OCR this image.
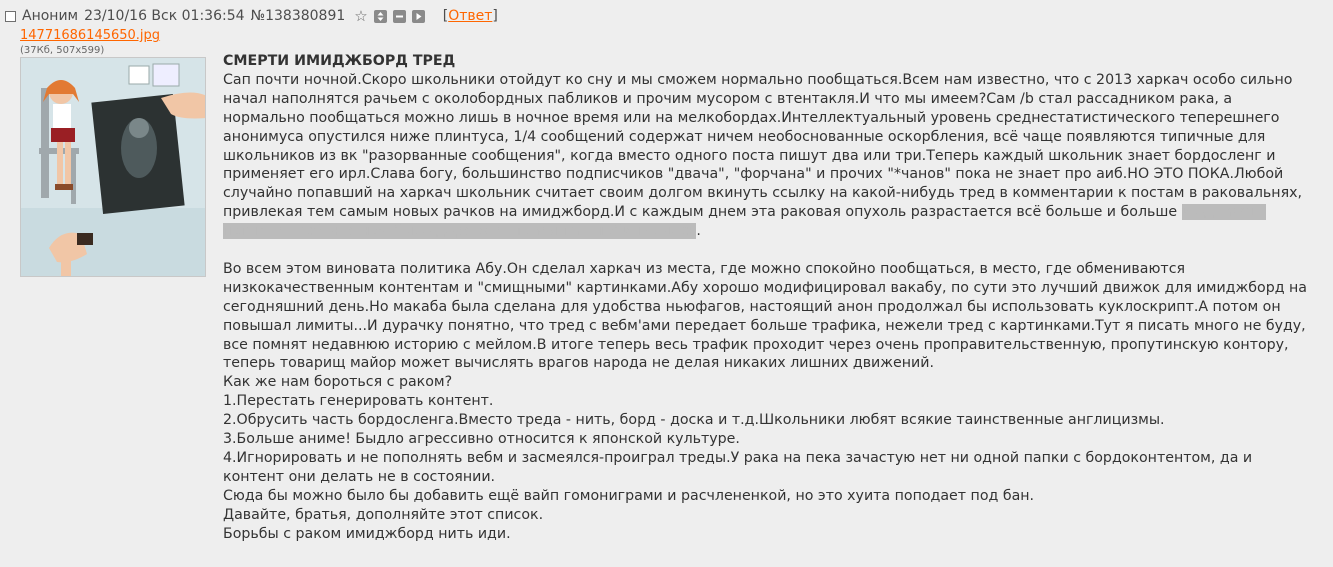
Аноним 23/10/16 Вск 01:36:54 №138380891 ☆	[Ответ]
14771686145650.jpg
(37Кб, 507x599)
СМЕРТИ ИМИДЖБОРД ТРЕД

Сап почти ночной.Скоро школьники отойдут ко сну и мы сможем нормально пообщаться.Всем нам известно, что с 2013 харкач особо сильно начал наполнятся рачьем с околобордных пабликов и прочим мусором с втентакля.И что мы имеем?Сам /b стал рассадником рака, а нормально пообщаться можно лишь в ночное время или на мелкобордах.Интеллектуальный уровень среднестатистического теперешнего анонимуса опустился ниже плинтуса, 1/4 сообщений содержат ничем необоснованные оскорбления, всё чаще появляются типичные для школьников из вк "разорванные сообщения", когда вместо одного поста пишут два или три.Теперь каждый школьник знает бордосленг и применяет его ирл.Слава богу, большинство подписчиков "двача", "форчана" и прочих "*чанов" пока не знает про аиб.НО ЭТО ПОКА.Любой случайно попавший на харкач школьник считает своим долгом вкинуть ссылку на какой-нибудь тред в комментарии к постам в раковальнях, привлекая тем самым новых рачков на имиджборд.И с каждым днем эта раковая опухоль разрастается всё больше и больше и однажды поглотит всё, что нам было дорого и что мы так любили здесь.

Во всем этом виновата политика Абу.Он сделал харкач из места, где можно спокойно пообщаться, в место, где обмениваются низкокачественным контентам и "смищными" картинками.Абу хорошо модифицировал вакабу, по сути это лучший движок для имиджборд на сегодняшний день.Но макаба была сделана для удобства ньюфагов, настоящий анон продолжал бы использовать куклоскрипт.А потом он повышал лимиты...И дурачку понятно, что тред с вебм'ами передает больше трафика, нежели тред с картинками.Тут я писать много не буду, все помнят недавнюю историю с мейлом.В итоге теперь весь трафик проходит через очень проправительственную, пропутинскую контору, теперь товарищ майор может вычислять врагов народа не делая никаких лишних движений.

Как же нам бороться с раком?

1.Перестать генерировать контент.

2.Обрусить часть бордосленга.Вместо треда - нить, борд - доска и т.д.Школьники любят всякие таинственные англицизмы.

3.Больше аниме! Быдло агрессивно относится к японской культуре.

4.Игнорировать и не пополнять вебм и засмеялся-проиграл треды.У рака на пека зачастую нет ни одной папки с бордоконтентом, да и контент они делать не в состоянии.

Сюда бы можно было бы добавить ещё вайп гомониграми и расчлененкой, но это хуита поподает под бан.

Давайте, братья, дополняйте этот список.

Борьбы с раком имиджборд нить иди.
